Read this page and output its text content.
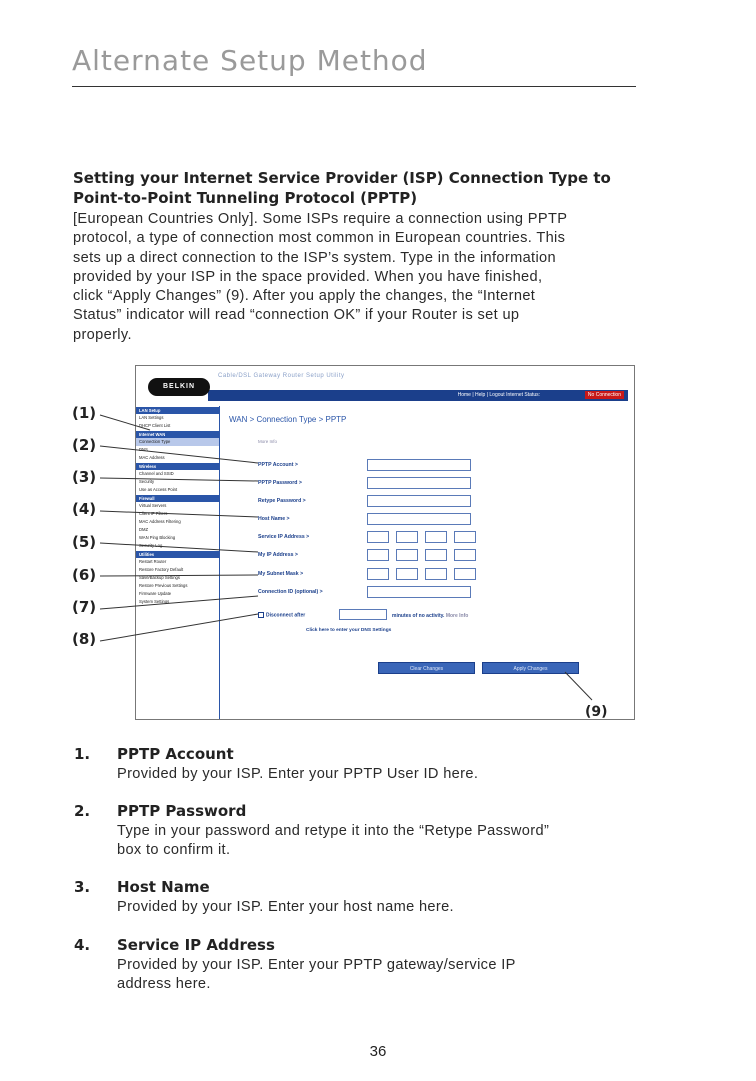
Alternate Setup Method
Setting your Internet Service Provider (ISP) Connection Type to
Point-to-Point Tunneling Protocol (PPTP)
[European Countries Only]. Some ISPs require a connection using PPTP
protocol, a type of connection most common in European countries. This
sets up a direct connection to the ISP’s system. Type in the information
provided by your ISP in the space provided. When you have finished,
click “Apply Changes” (9). After you apply the changes, the “Internet
Status” indicator will read “connection OK” if your Router is set up
properly.
Cable/DSL Gateway Router Setup Utility
BELKIN
Home | Help | Logout Internet Status:	No Connection
LAN Setup
LAN Settings
DHCP Client List
Internet WAN
Connection Type
DNS
MAC Address
Wireless
Channel and SSID
Security
Use as Access Point
Firewall
Virtual Servers
Client IP Filters
MAC Address Filtering
DMZ
WAN Ping Blocking
Security Log
Utilities
Restart Router
Restore Factory Default
Save/Backup Settings
Restore Previous Settings
Firmware Update
System Settings
WAN > Connection Type > PPTP
More Info
PPTP Account >
PPTP Password >
Retype Password >
Host Name >
Service IP Address >
My IP Address >
My Subnet Mask >
Connection ID (optional) >
Disconnect after	minutes of no activity. More Info
Click here to enter your DNS Settings
Clear Changes	Apply Changes
(1)
(2)
(3)
(4)
(5)
(6)
(7)
(8)
(9)
1. PPTP Account
Provided by your ISP. Enter your PPTP User ID here.
2. PPTP Password
Type in your password and retype it into the “Retype Password”
box to confirm it.
3. Host Name
Provided by your ISP. Enter your host name here.
4. Service IP Address
Provided by your ISP. Enter your PPTP gateway/service IP
address here.
36
